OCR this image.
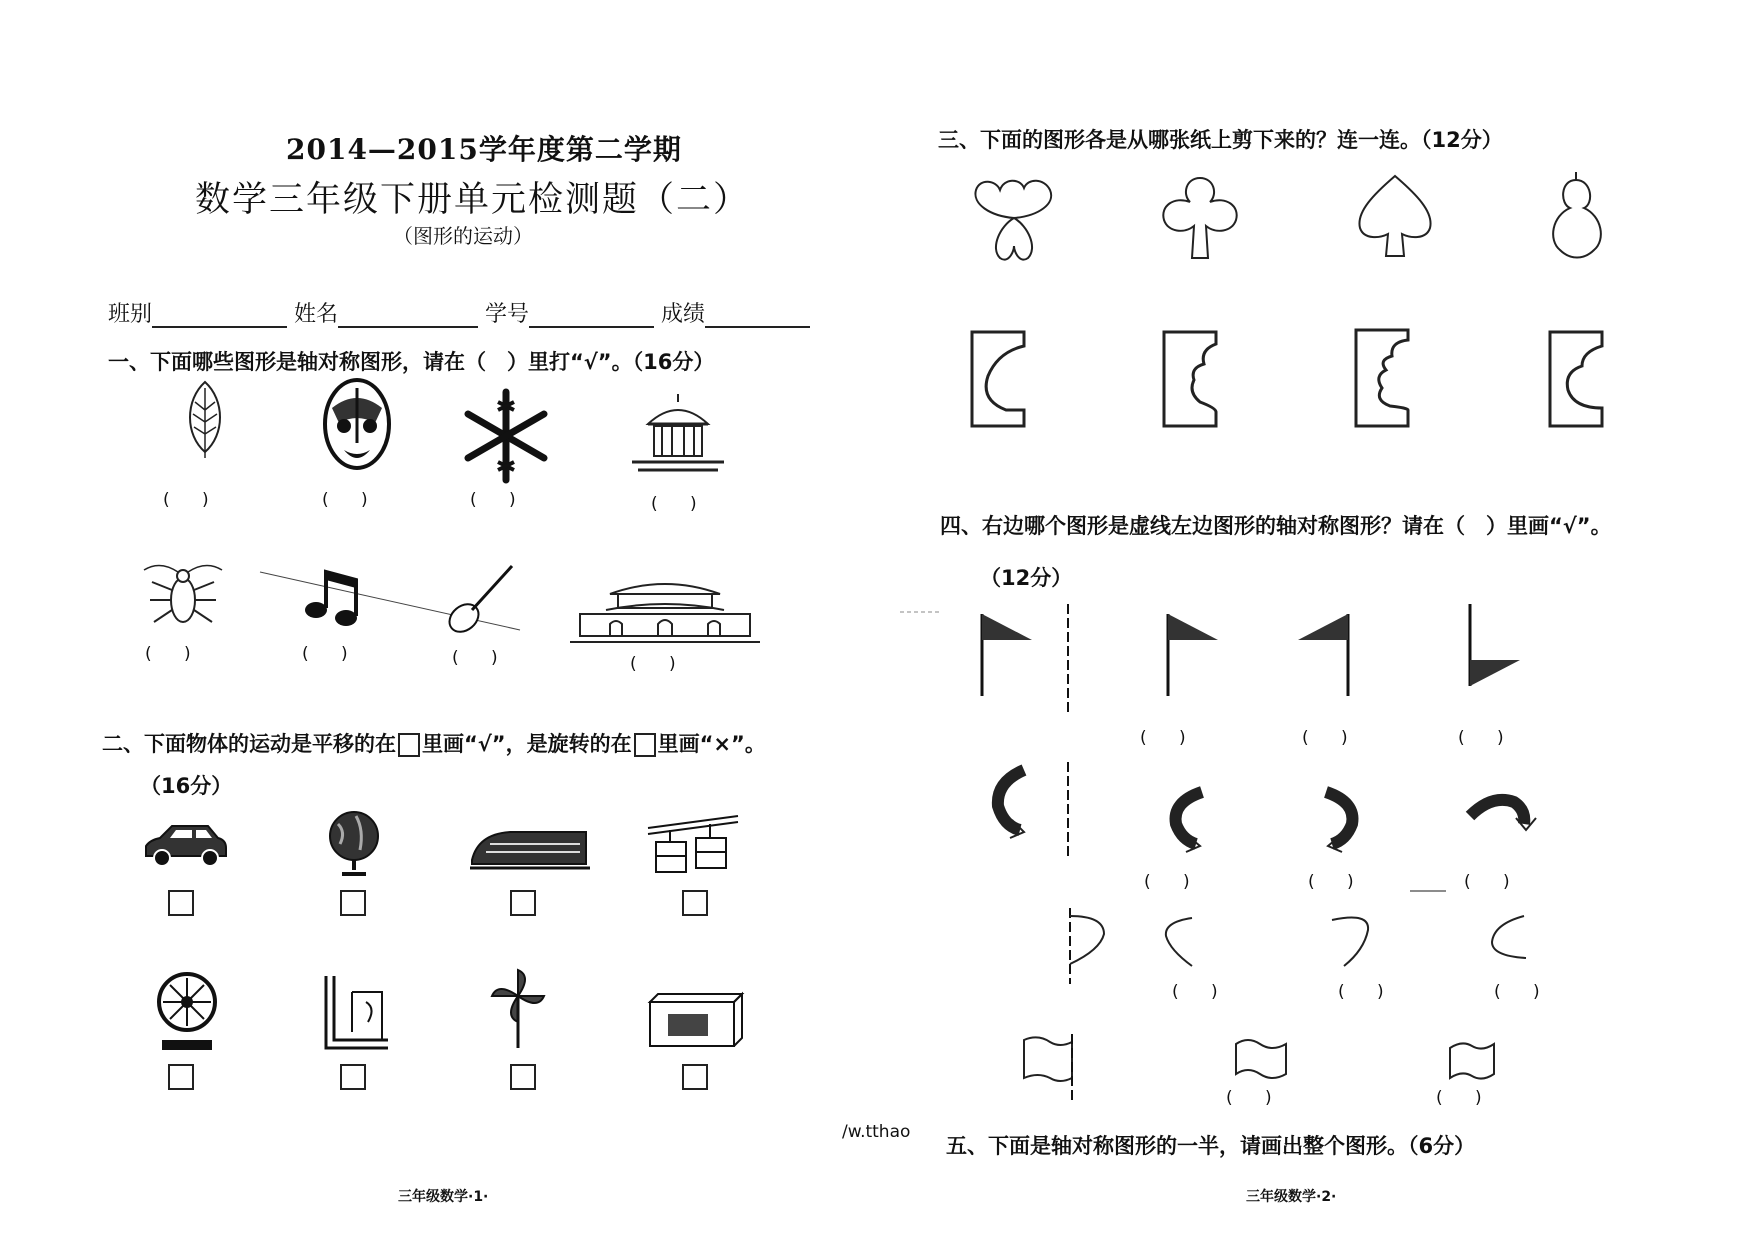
2014—2015学年度第二学期
数学三年级下册单元检测题（二）
（图形的运动）
班别	姓名	学号	成绩
一、下面哪些图形是轴对称图形，请在（　）里打“√”。（16分）
(      )	(      )	(      )	(      )
(      )	(      )	(      )	(      )
二、下面物体的运动是平移的在 里画“√”，是旋转的在 里画“×”。
（16分）
三年级数学·1·
/w.tthao
三、下面的图形各是从哪张纸上剪下来的？连一连。（12分）
四、右边哪个图形是虚线左边图形的轴对称图形？请在（　）里画“√”。
（12分）
(      )	(      )	(      )
(      )	(      )	(      )
(      )	(      )	(      )
(      )	(      )
五、下面是轴对称图形的一半，请画出整个图形。（6分）
三年级数学·2·
